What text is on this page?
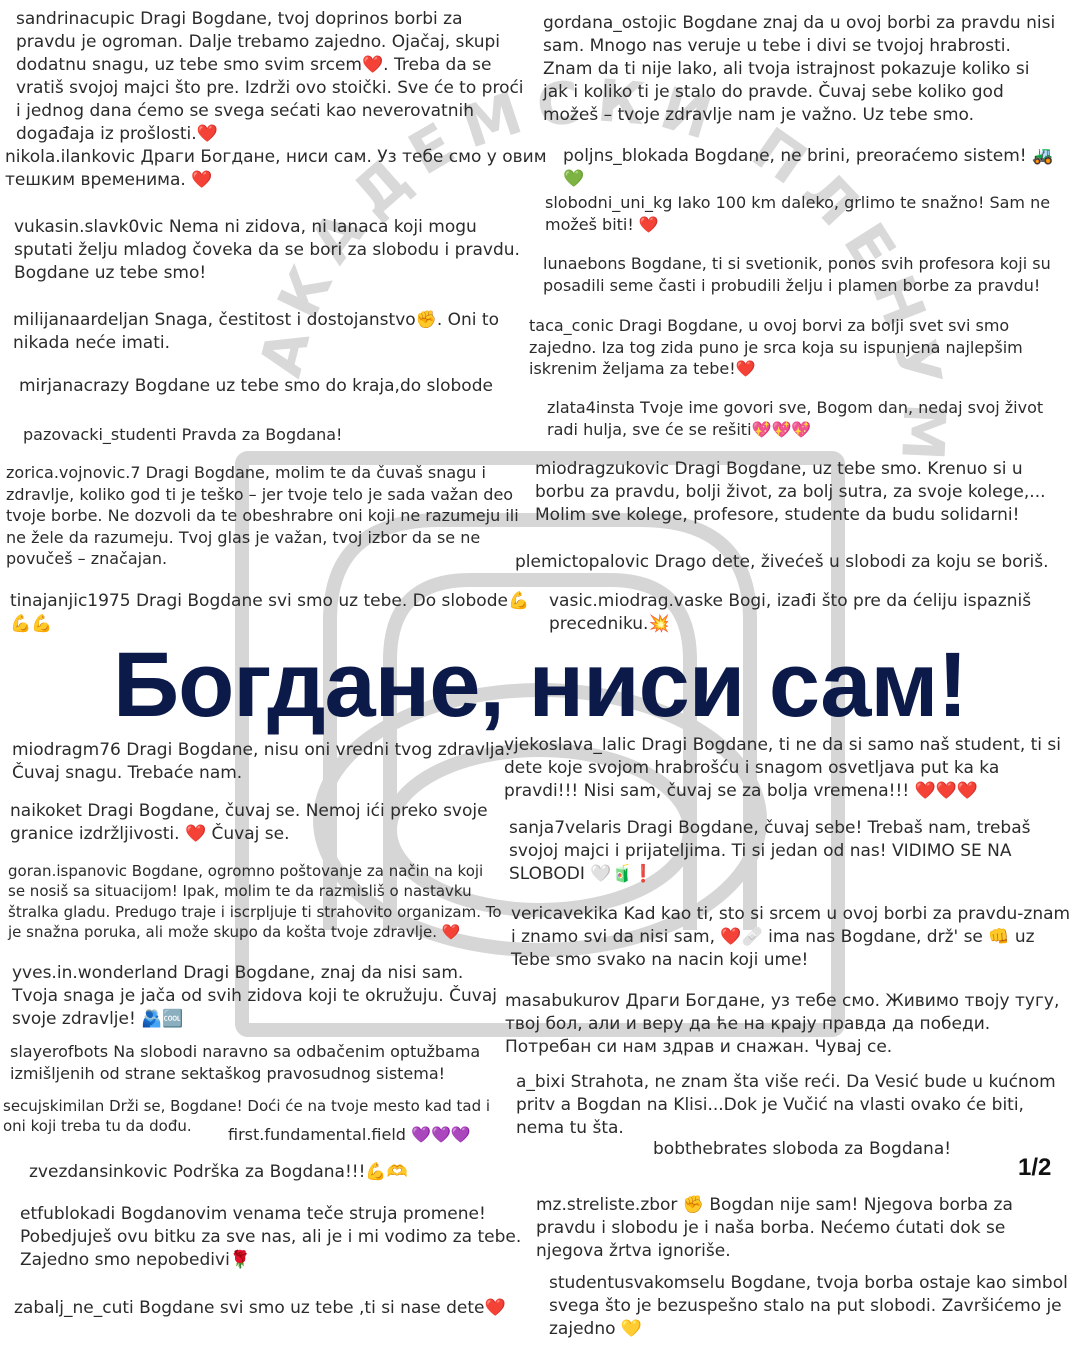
АКАДЕМСКИ ПЛЕНУМ
sandrinacupic Dragi Bogdane, tvoj doprinos borbi za pravdu je ogroman. Dalje trebamo zajedno. Ojačaj, skupi dodatnu snagu, uz tebe smo svim srcem❤️. Treba da se vratiš svojoj majci što pre. Izdrži ovo stoički. Sve će to proći i jednog dana ćemo se svega sećati kao neverovatnih događaja iz prošlosti.❤️
gordana_ostojic Bogdane znaj da u ovoj borbi za pravdu nisi sam. Mnogo nas veruje u tebe i divi se tvojoj hrabrosti. Znam da ti nije lako, ali tvoja istrajnost pokazuje koliko si jak i koliko ti je stalo do pravde. Čuvaj sebe koliko god možeš – tvoje zdravlje nam je važno. Uz tebe smo.
nikola.ilankovic Драги Богдане, ниси сам. Уз тебе смо у овим тешким временима. ❤️
poljns_blokada Bogdane, ne brini, preoraćemo sistem! 🚜💚
slobodni_uni_kg Iako 100 km daleko, grlimo te snažno! Sam ne možeš biti! ❤️
vukasin.slavk0vic Nema ni zidova, ni lanaca koji mogu sputati želju mladog čoveka da se bori za slobodu i pravdu. Bogdane uz tebe smo!	lunaebons Bogdane, ti si svetionik, ponos svih profesora koji su posadili seme časti i probudili želju i plamen borbe za pravdu!
milijanaardeljan Snaga, čestitost i dostojanstvo✊. Oni to nikada neće imati.
taca_conic Dragi Bogdane, u ovoj borvi za bolji svet svi smo zajedno. Iza tog zida puno je srca koja su ispunjena najlepšim iskrenim željama za tebe!❤️
mirjanacrazy Bogdane uz tebe smo do kraja,do slobode
zlata4insta Tvoje ime govori sve, Bogom dan, nedaj svoj život radi hulja, sve će se rešiti💖💖💖
pazovacki_studenti Pravda za Bogdana!
zorica.vojnovic.7 Dragi Bogdane, molim te da čuvaš snagu i zdravlje, koliko god ti je teško – jer tvoje telo je sada važan deo tvoje borbe. Ne dozvoli da te obeshrabre oni koji ne razumeju ili ne žele da razumeju. Tvoj glas je važan, tvoj izbor da se ne povučeš – značajan.
miodragzukovic Dragi Bogdane, uz tebe smo. Krenuo si u borbu za pravdu, bolji život, za bolj sutra, za svoje kolege,... Molim sve kolege, profesore, studente da budu solidarni!
plemictopalovic Drago dete, živećeš u slobodi za koju se boriš.
tinajanjic1975 Dragi Bogdane svi smo uz tebe. Do slobode💪 💪💪
vasic.miodrag.vaske Bogi, izađi što pre da ćeliju ispazniš precedniku.💥
Богдане, ниси сам!
miodragm76 Dragi Bogdane, nisu oni vredni tvog zdravlja. Čuvaj snagu. Trebaće nam.
vjekoslava_lalic Dragi Bogdane, ti ne da si samo naš student, ti si dete koje svojom hrabrošću i snagom osvetljava put ka ka pravdi!!! Nisi sam, čuvaj se za bolja vremena!!! ❤️❤️❤️
naikoket Dragi Bogdane, čuvaj se. Nemoj ići preko svoje granice izdržljivosti. ❤️ Čuvaj se.	sanja7velaris Dragi Bogdane, čuvaj sebe! Trebaš nam, trebaš svojoj majci i prijateljima. Ti si jedan od nas! VIDIMO SE NA SLOBODI 🤍🧃❗
goran.ispanovic Bogdane, ogromno poštovanje za način na koji se nosiš sa situacijom! Ipak, molim te da razmisliš o nastavku štralka gladu. Predugo traje i iscrpljuje ti strahovito organizam. To je snažna poruka, ali može skupo da košta tvoje zdravlje. ❤️
vericavekika Kad kao ti, sto si srcem u ovoj borbi za pravdu-znam i znamo svi da nisi sam, ❤️🩹 ima nas Bogdane, drž' se 👊 uz Tebe smo svako na nacin koji ume!
yves.in.wonderland Dragi Bogdane, znaj da nisi sam. Tvoja snaga je jača od svih zidova koji te okružuju. Čuvaj svoje zdravlje! 🫂🆒
masabukurov Драги Богдане, уз тебе смо. Живимо твоју тугу, твој бол, али и веру да ће на крају правда да победи. Потребан си нам здрав и снажан. Чувај се.
slayerofbots Na slobodi naravno sa odbačenim optužbama izmišljenih od strane sektaškog pravosudnog sistema!
secujskimilan Drži se, Bogdane! Doći će na tvoje mesto kad tad i oni koji treba tu da dođu.	first.fundamental.field 💜💜💜
a_bixi Strahota, ne znam šta više reći. Da Vesić bude u kućnom pritv a Bogdan na Klisi...Dok je Vučić na vlasti ovako će biti, nema tu šta.
bobthebrates sloboda za Bogdana!
zvezdansinkovic Podrška za Bogdana!!!💪🫶
mz.streliste.zbor ✊ Bogdan nije sam! Njegova borba za pravdu i slobodu je i naša borba. Nećemo ćutati dok se njegova žrtva ignoriše.
etfublokadi Bogdanovim venama teče struja promene! Pobedjuješ ovu bitku za sve nas, ali je i mi vodimo za tebe. Zajedno smo nepobedivi🌹
studentusvakomselu Bogdane, tvoja borba ostaje kao simbol svega što je bezuspešno stalo na put slobodi. Završićemo je zajedno 💛
zabalj_ne_cuti Bogdane svi smo uz tebe ,ti si nase dete❤️
1/2
